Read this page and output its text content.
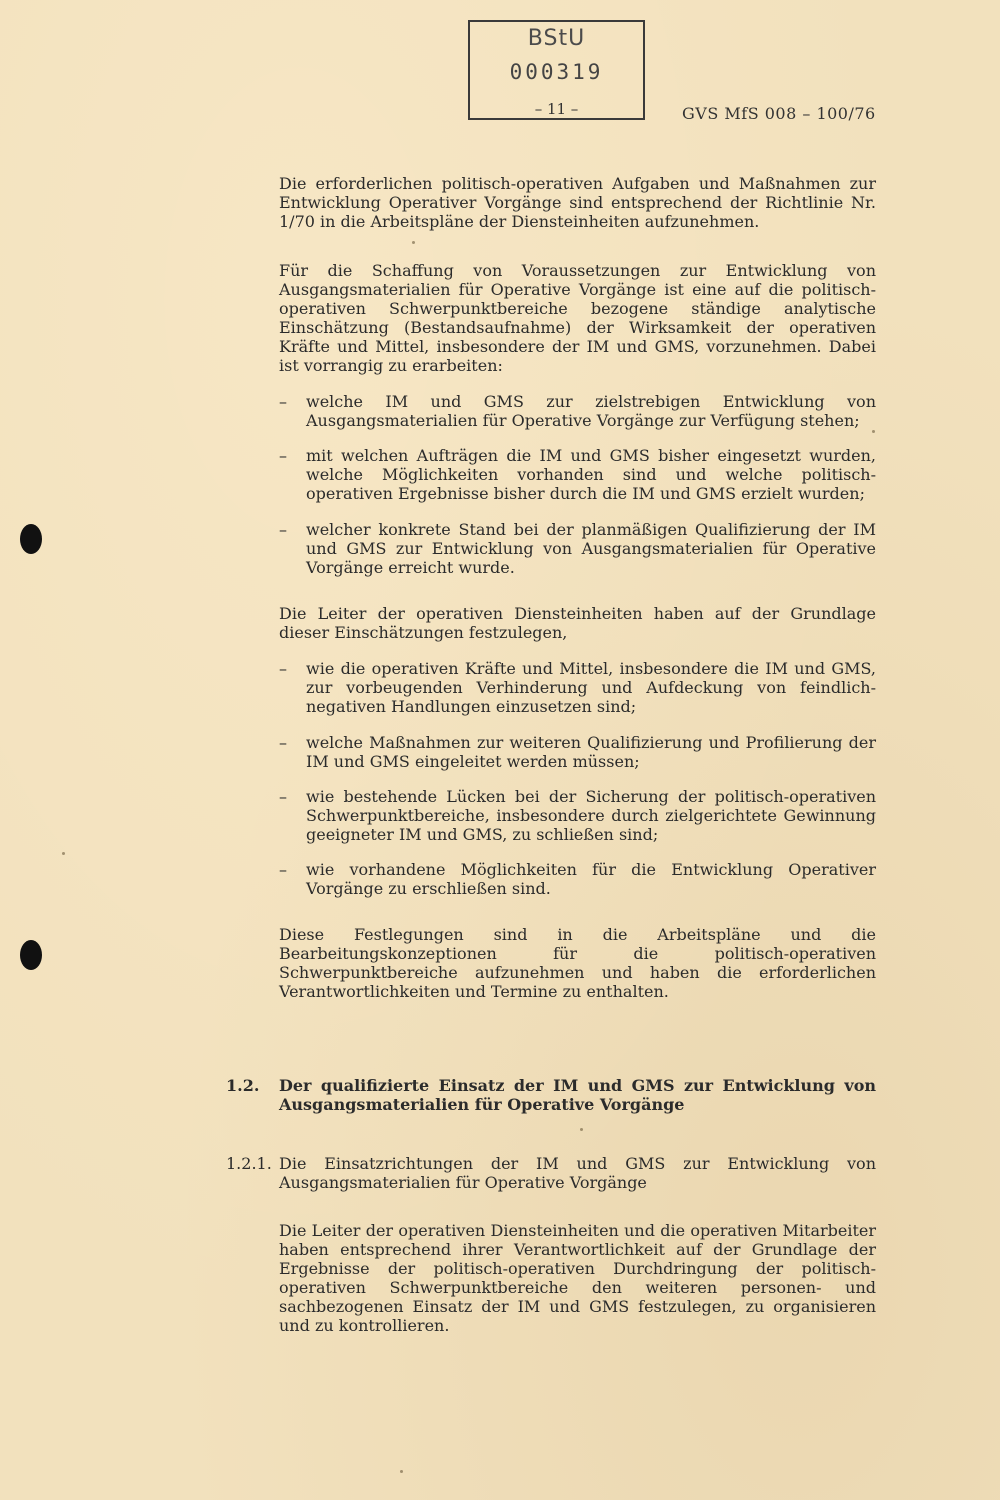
BStU
000319
– 11 –	GVS MfS 008 – 100/76
Die erforderlichen politisch-operativen Aufgaben und Maßnahmen zur Entwicklung Operativer Vorgänge sind entsprechend der Richtlinie Nr. 1/70 in die Arbeitspläne der Diensteinheiten aufzunehmen.
Für die Schaffung von Voraussetzungen zur Entwicklung von Ausgangsmaterialien für Operative Vorgänge ist eine auf die politisch-operativen Schwerpunktbereiche bezogene ständige analytische Einschätzung (Bestandsaufnahme) der Wirksamkeit der operativen Kräfte und Mittel, insbesondere der IM und GMS, vorzunehmen. Dabei ist vorrangig zu erarbeiten:
– welche IM und GMS zur zielstrebigen Entwicklung von Ausgangsmaterialien für Operative Vorgänge zur Verfügung stehen;
– mit welchen Aufträgen die IM und GMS bisher eingesetzt wurden, welche Möglichkeiten vorhanden sind und welche politisch-operativen Ergebnisse bisher durch die IM und GMS erzielt wurden;
– welcher konkrete Stand bei der planmäßigen Qualifizierung der IM und GMS zur Entwicklung von Ausgangsmaterialien für Operative Vorgänge erreicht wurde.
Die Leiter der operativen Diensteinheiten haben auf der Grundlage dieser Einschätzungen festzulegen,
– wie die operativen Kräfte und Mittel, insbesondere die IM und GMS, zur vorbeugenden Verhinderung und Aufdeckung von feindlich-negativen Handlungen einzusetzen sind;
– welche Maßnahmen zur weiteren Qualifizierung und Profilierung der IM und GMS eingeleitet werden müssen;
– wie bestehende Lücken bei der Sicherung der politisch-operativen Schwerpunktbereiche, insbesondere durch zielgerichtete Gewinnung geeigneter IM und GMS, zu schließen sind;
– wie vorhandene Möglichkeiten für die Entwicklung Operativer Vorgänge zu erschließen sind.
Diese Festlegungen sind in die Arbeitspläne und die Bearbeitungskonzeptionen für die politisch-operativen Schwerpunktbereiche aufzunehmen und haben die erforderlichen Verantwortlichkeiten und Termine zu enthalten.
1.2. Der qualifizierte Einsatz der IM und GMS zur Entwicklung von Ausgangsmaterialien für Operative Vorgänge
1.2.1. Die Einsatzrichtungen der IM und GMS zur Entwicklung von Ausgangsmaterialien für Operative Vorgänge
Die Leiter der operativen Diensteinheiten und die operativen Mitarbeiter haben entsprechend ihrer Verantwortlichkeit auf der Grundlage der Ergebnisse der politisch-operativen Durchdringung der politisch-operativen Schwerpunktbereiche den weiteren personen- und sachbezogenen Einsatz der IM und GMS festzulegen, zu organisieren und zu kontrollieren.
